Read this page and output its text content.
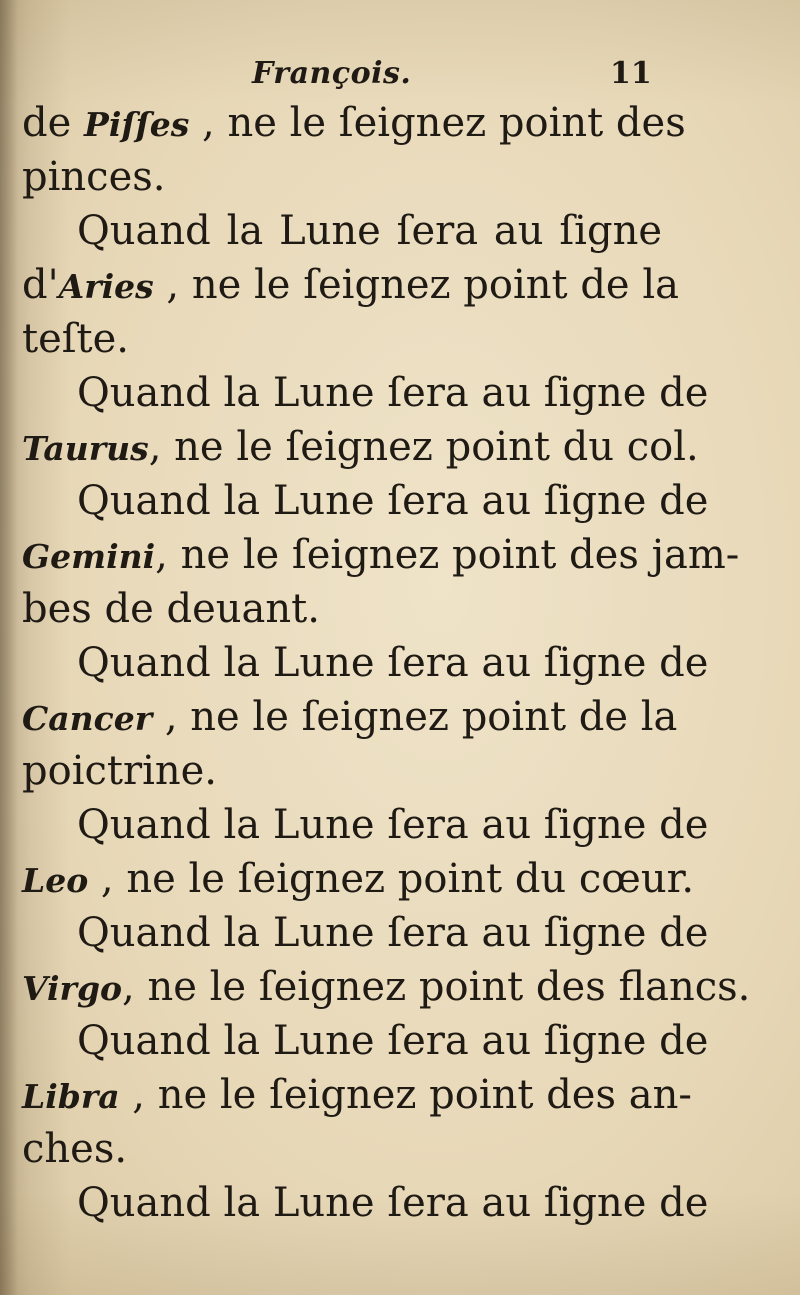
François.	11
de Piſſes , ne le ſeignez point des
pinces.
Quand la Lune ſera au ſigne
d'Aries , ne le ſeignez point de la
teſte.
Quand la Lune ſera au ſigne de
Taurus, ne le ſeignez point du col.
Quand la Lune ſera au ſigne de
Gemini, ne le ſeignez point des jam-
bes de deuant.
Quand la Lune ſera au ſigne de
Cancer , ne le ſeignez point de la
poictrine.
Quand la Lune ſera au ſigne de
Leo , ne le ſeignez point du cœur.
Quand la Lune ſera au ſigne de
Virgo, ne le ſeignez point des flancs.
Quand la Lune ſera au ſigne de
Libra , ne le ſeignez point des an-
ches.
Quand la Lune ſera au ſigne de
